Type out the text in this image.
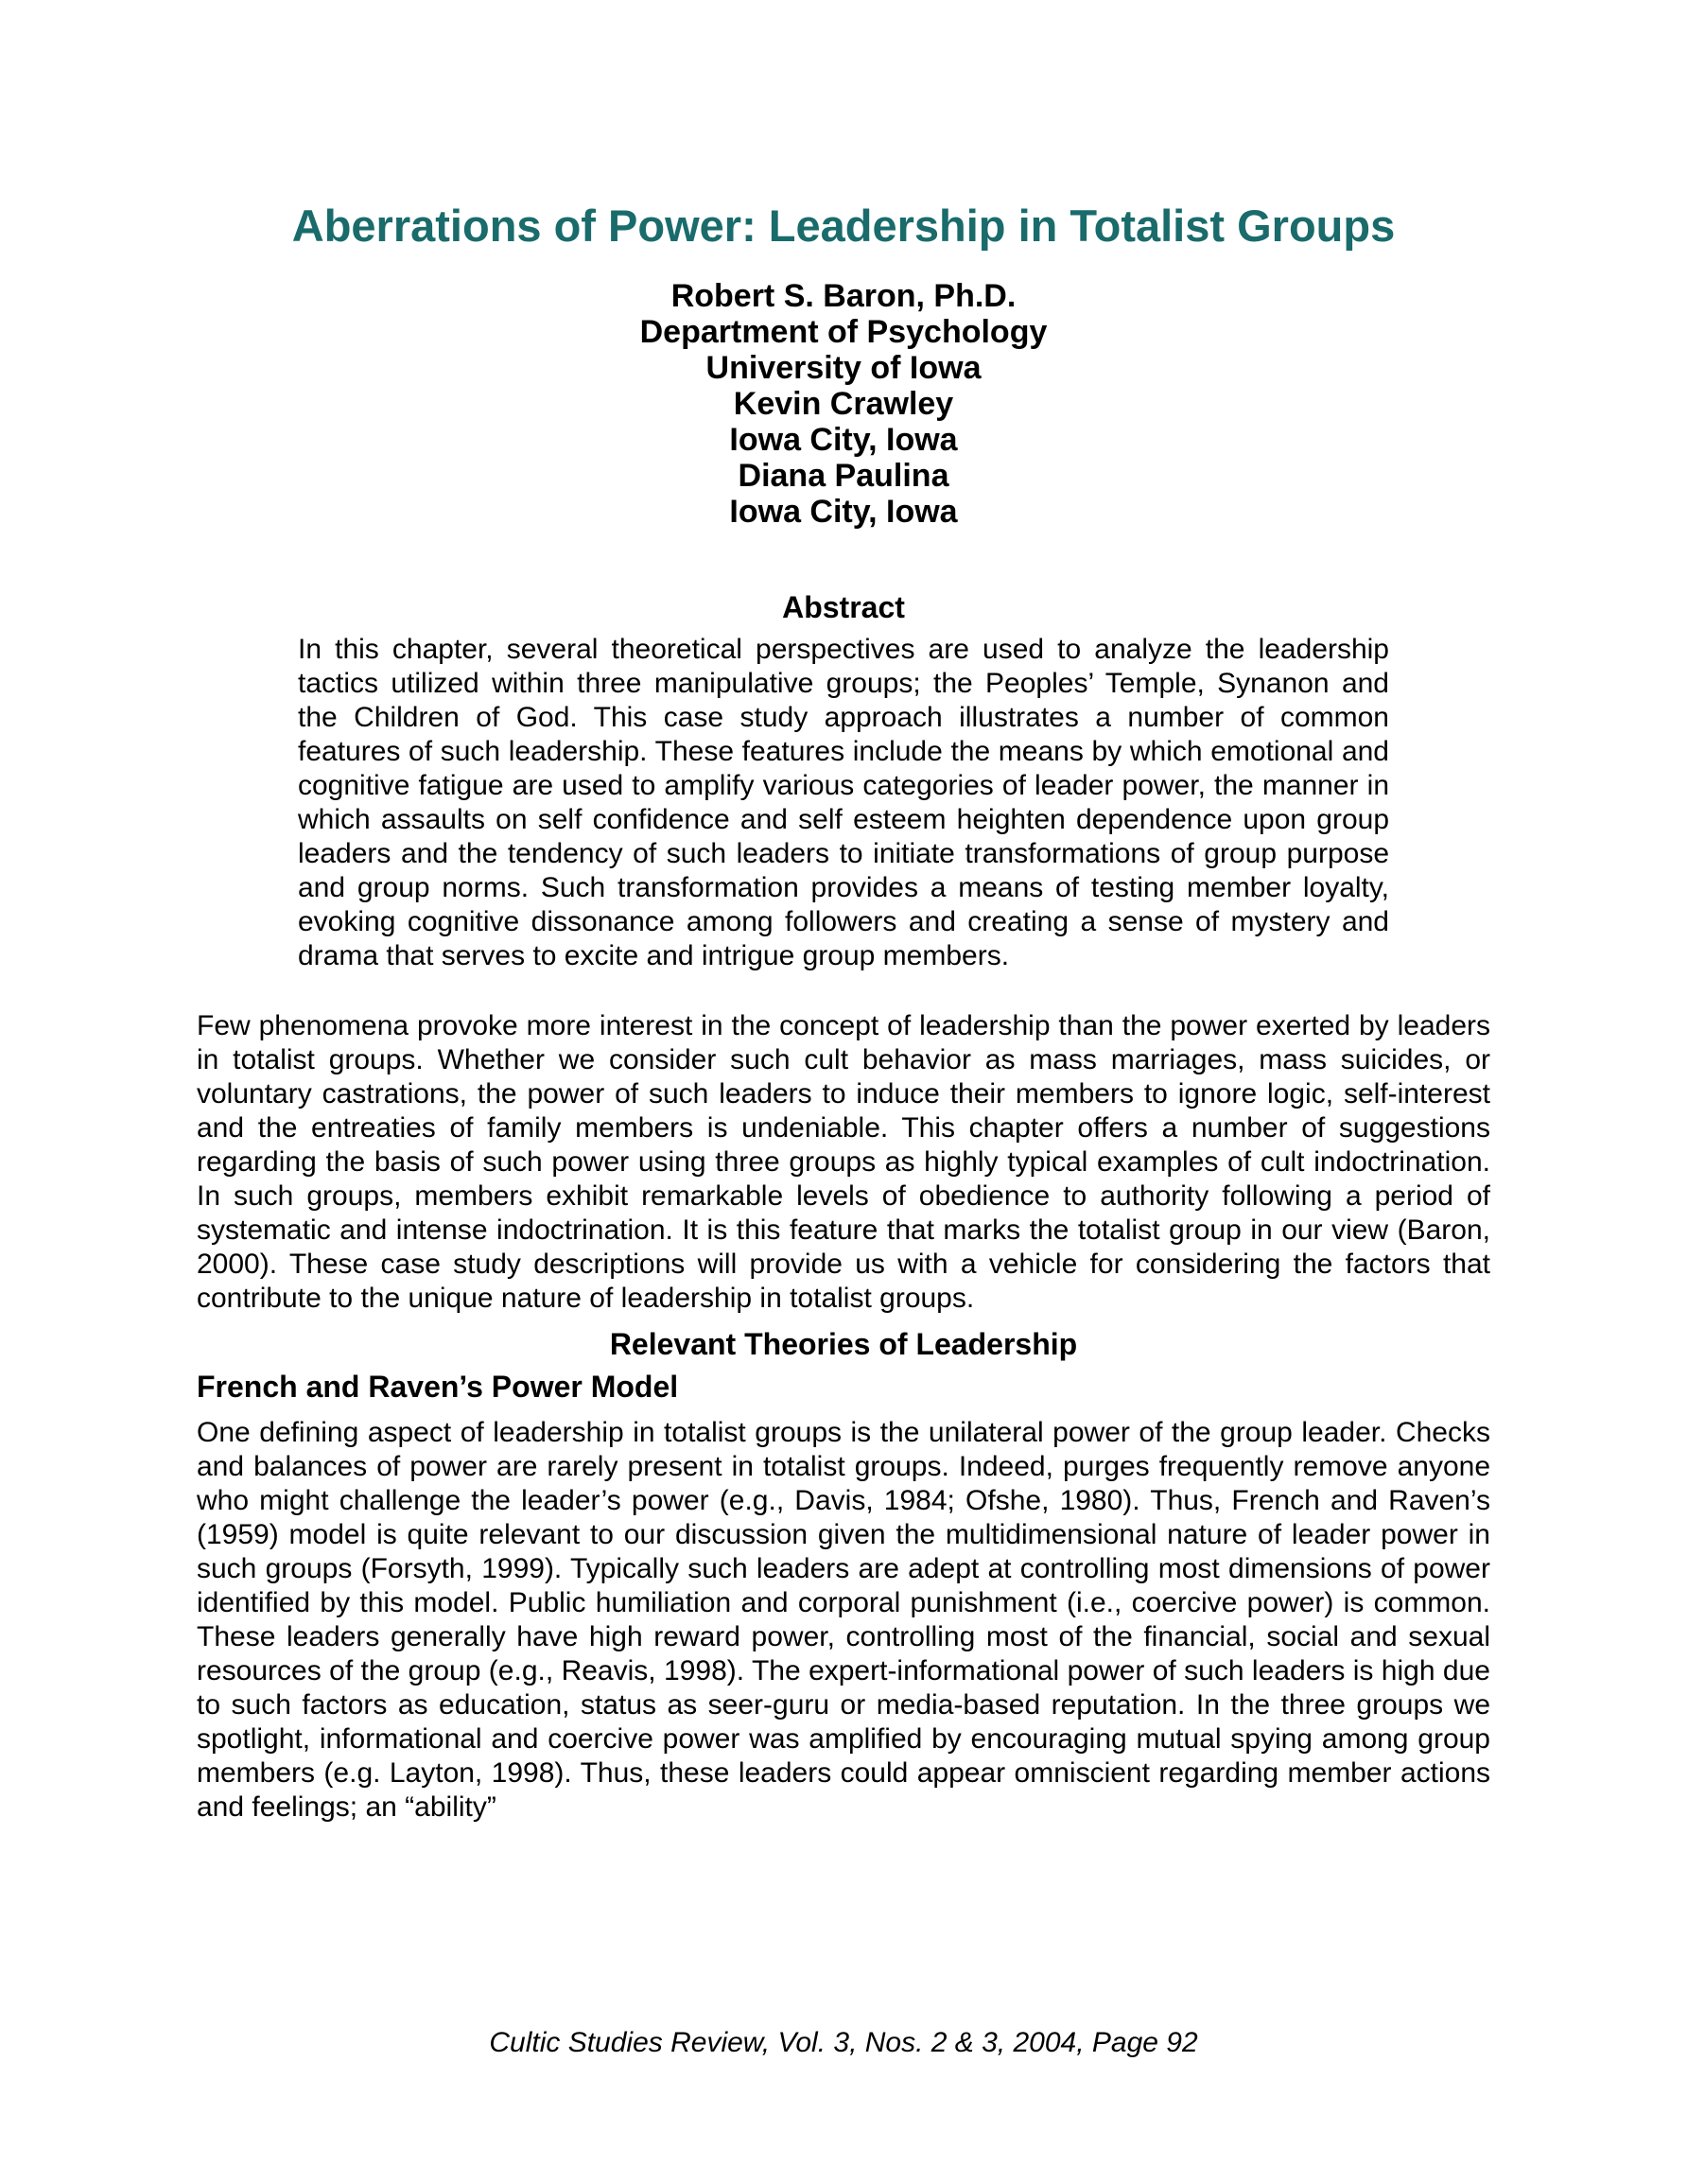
Aberrations of Power: Leadership in Totalist Groups
Robert S. Baron, Ph.D.
Department of Psychology
University of Iowa
Kevin Crawley
Iowa City, Iowa
Diana Paulina
Iowa City, Iowa
Abstract
In this chapter, several theoretical perspectives are used to analyze the leadership tactics utilized within three manipulative groups; the Peoples’ Temple, Synanon and the Children of God. This case study approach illustrates a number of common features of such leadership. These features include the means by which emotional and cognitive fatigue are used to amplify various categories of leader power, the manner in which assaults on self confidence and self esteem heighten dependence upon group leaders and the tendency of such leaders to initiate transformations of group purpose and group norms. Such transformation provides a means of testing member loyalty, evoking cognitive dissonance among followers and creating a sense of mystery and drama that serves to excite and intrigue group members.
Few phenomena provoke more interest in the concept of leadership than the power exerted by leaders in totalist groups. Whether we consider such cult behavior as mass marriages, mass suicides, or voluntary castrations, the power of such leaders to induce their members to ignore logic, self-interest and the entreaties of family members is undeniable. This chapter offers a number of suggestions regarding the basis of such power using three groups as highly typical examples of cult indoctrination. In such groups, members exhibit remarkable levels of obedience to authority following a period of systematic and intense indoctrination. It is this feature that marks the totalist group in our view (Baron, 2000). These case study descriptions will provide us with a vehicle for considering the factors that contribute to the unique nature of leadership in totalist groups.
Relevant Theories of Leadership
French and Raven’s Power Model
One defining aspect of leadership in totalist groups is the unilateral power of the group leader. Checks and balances of power are rarely present in totalist groups. Indeed, purges frequently remove anyone who might challenge the leader’s power (e.g., Davis, 1984; Ofshe, 1980). Thus, French and Raven’s (1959) model is quite relevant to our discussion given the multidimensional nature of leader power in such groups (Forsyth, 1999). Typically such leaders are adept at controlling most dimensions of power identified by this model. Public humiliation and corporal punishment (i.e., coercive power) is common. These leaders generally have high reward power, controlling most of the financial, social and sexual resources of the group (e.g., Reavis, 1998). The expert-informational power of such leaders is high due to such factors as education, status as seer-guru or media-based reputation. In the three groups we spotlight, informational and coercive power was amplified by encouraging mutual spying among group members (e.g. Layton, 1998). Thus, these leaders could appear omniscient regarding member actions and feelings; an “ability”
Cultic Studies Review, Vol. 3, Nos. 2 & 3, 2004, Page 92
